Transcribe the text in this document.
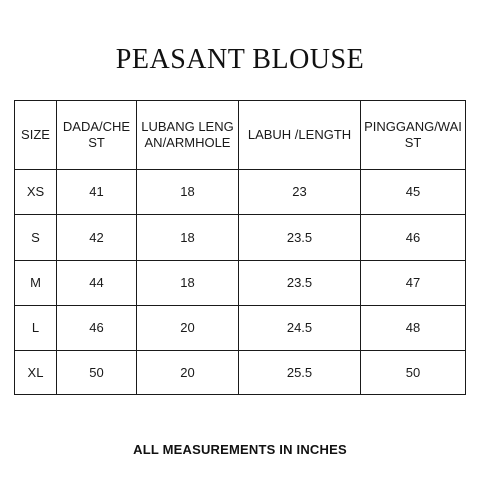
PEASANT BLOUSE
SIZE	DADA/CHEST	LUBANG LENGAN/ARMHOLE	LABUH /LENGTH	PINGGANG/WAIST
XS	41	18	23	45
S	42	18	23.5	46
M	44	18	23.5	47
L	46	20	24.5	48
XL	50	20	25.5	50
ALL MEASUREMENTS IN INCHES
